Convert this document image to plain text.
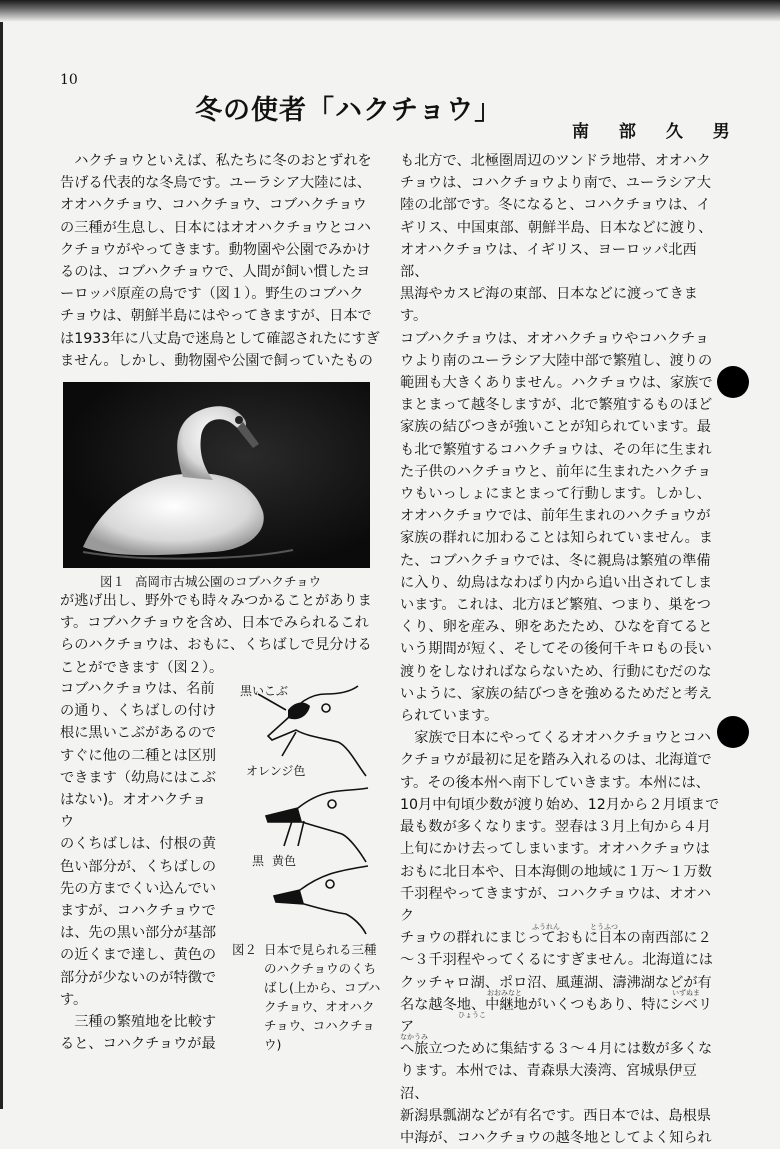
10
冬の使者「ハクチョウ」
南 部 久 男

　ハクチョウといえば、私たちに冬のおとずれを

告げる代表的な冬鳥です。ユーラシア大陸には、

オオハクチョウ、コハクチョウ、コブハクチョウ

の三種が生息し、日本にはオオハクチョウとコハ

クチョウがやってきます。動物園や公園でみかけ

るのは、コブハクチョウで、人間が飼い慣したヨ

ーロッパ原産の鳥です（図１）。野生のコブハク

チョウは、朝鮮半島にはやってきますが、日本で

は1933年に八丈島で迷鳥として確認されたにすぎ

ません。しかし、動物園や公園で飼っていたもの

図１ 高岡市古城公園のコブハクチョウ

が逃げ出し、野外でも時々みつかることがありま

す。コブハクチョウを含め、日本でみられるこれ

らのハクチョウは、おもに、くちばしで見分ける

ことができます（図２）。

コブハクチョウは、名前

の通り、くちばしの付け

根に黒いこぶがあるので

すぐに他の二種とは区別

できます（幼鳥にはこぶ

はない)。オオハクチョウ

のくちばしは、付根の黄

色い部分が、くちばしの

先の方までくい込んでい

ますが、コハクチョウで

は、先の黒い部分が基部

の近くまで達し、黄色の

部分が少ないのが特徴で

す。

　三種の繁殖地を比較す

ると、コハクチョウが最

黒いこぶ
オレンジ色
黒 黄色
図２ 日本で見られる三種のハクチョウのくちばし(上から、コブハクチョウ、オオハクチョウ、コハクチョウ)

も北方で、北極圏周辺のツンドラ地帯、オオハク

チョウは、コハクチョウより南で、ユーラシア大

陸の北部です。冬になると、コハクチョウは、イ

ギリス、中国東部、朝鮮半島、日本などに渡り、

オオハクチョウは、イギリス、ヨーロッパ北西部、

黒海やカスピ海の東部、日本などに渡ってきます。

コブハクチョウは、オオハクチョウやコハクチョ

ウより南のユーラシア大陸中部で繁殖し、渡りの

範囲も大きくありません。ハクチョウは、家族で

まとまって越冬しますが、北で繁殖するものほど

家族の結びつきが強いことが知られています。最

も北で繁殖するコハクチョウは、その年に生まれ

た子供のハクチョウと、前年に生まれたハクチョ

ウもいっしょにまとまって行動します。しかし、

オオハクチョウでは、前年生まれのハクチョウが

家族の群れに加わることは知られていません。ま

た、コブハクチョウでは、冬に親鳥は繁殖の準備

に入り、幼鳥はなわばり内から追い出されてしま

います。これは、北方ほど繁殖、つまり、巣をつ

くり、卵を産み、卵をあたため、ひなを育てると

いう期間が短く、そしてその後何千キロもの長い

渡りをしなければならないため、行動にむだのな

いように、家族の結びつきを強めるためだと考え

られています。

　家族で日本にやってくるオオハクチョウとコハ

クチョウが最初に足を踏み入れるのは、北海道で

す。その後本州へ南下していきます。本州には、

10月中旬頃少数が渡り始め、12月から２月頃まで

最も数が多くなります。翌春は３月上旬から４月

上旬にかけ去ってしまいます。オオハクチョウは

おもに北日本や、日本海側の地域に１万～１万数

千羽程やってきますが、コハクチョウは、オオハク

チョウの群れにまじっておもに日本の南西部に２

～３千羽程やってくるにすぎません。北海道には

クッチャロ湖、ポロ沼、風蓮湖、濤沸湖などが有

名な越冬地、中継地がいくつもあり、特にシベリア

へ旅立つために集結する３～４月には数が多くな

ります。本州では、青森県大湊湾、宮城県伊豆沼、

新潟県瓢湖などが有名です。西日本では、島根県

中海が、コハクチョウの越冬地としてよく知られ

ふうれん	とうふつ
おおみなと	いずぬま
ひょうこ
なかうみ
